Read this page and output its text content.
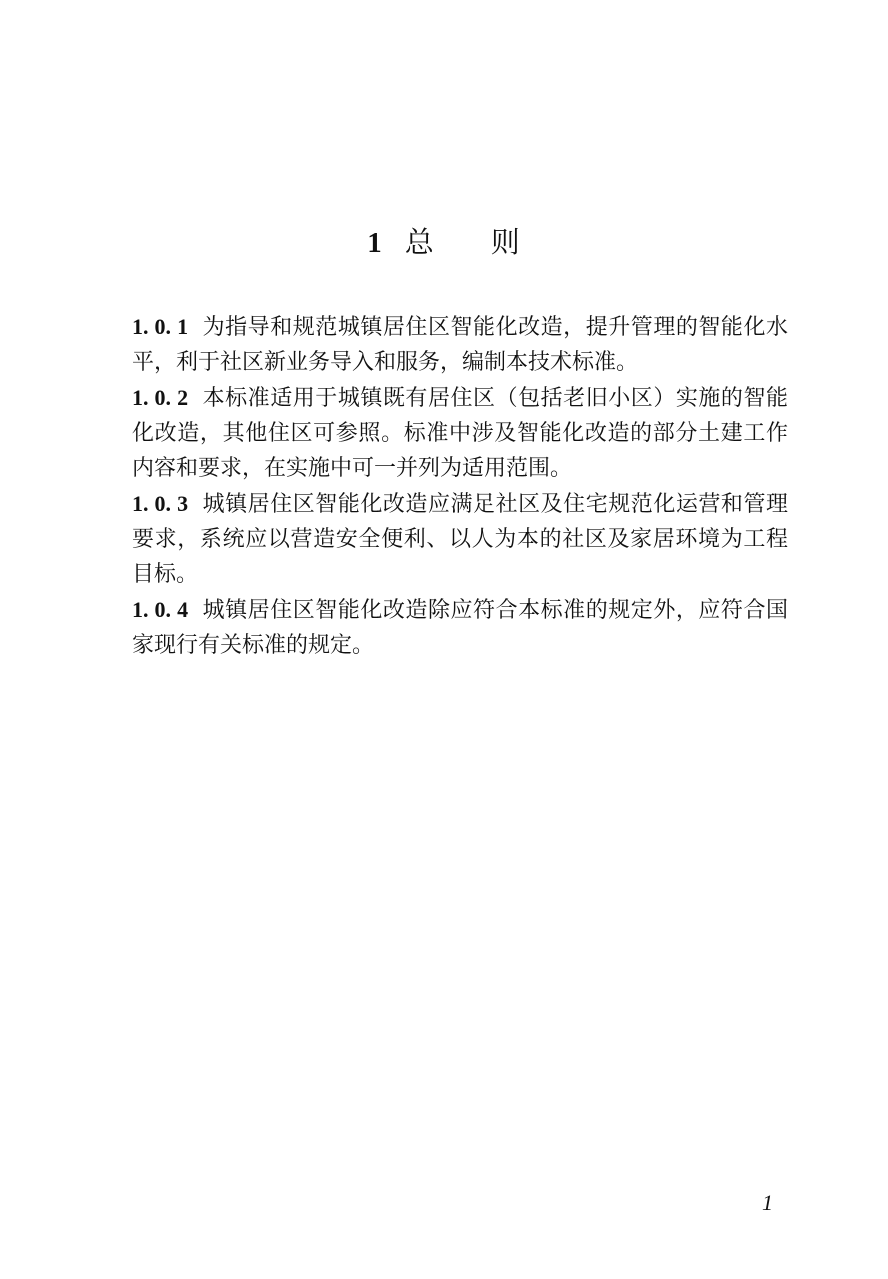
1 总 则

1. 0. 1 为指导和规范城镇居住区智能化改造，提升管理的智能化水平，利于社区新业务导入和服务，编制本技术标准。

1. 0. 2 本标准适用于城镇既有居住区（包括老旧小区）实施的智能化改造，其他住区可参照。标准中涉及智能化改造的部分土建工作内容和要求，在实施中可一并列为适用范围。

1. 0. 3 城镇居住区智能化改造应满足社区及住宅规范化运营和管理要求，系统应以营造安全便利、以人为本的社区及家居环境为工程目标。

1. 0. 4 城镇居住区智能化改造除应符合本标准的规定外，应符合国家现行有关标准的规定。

1
